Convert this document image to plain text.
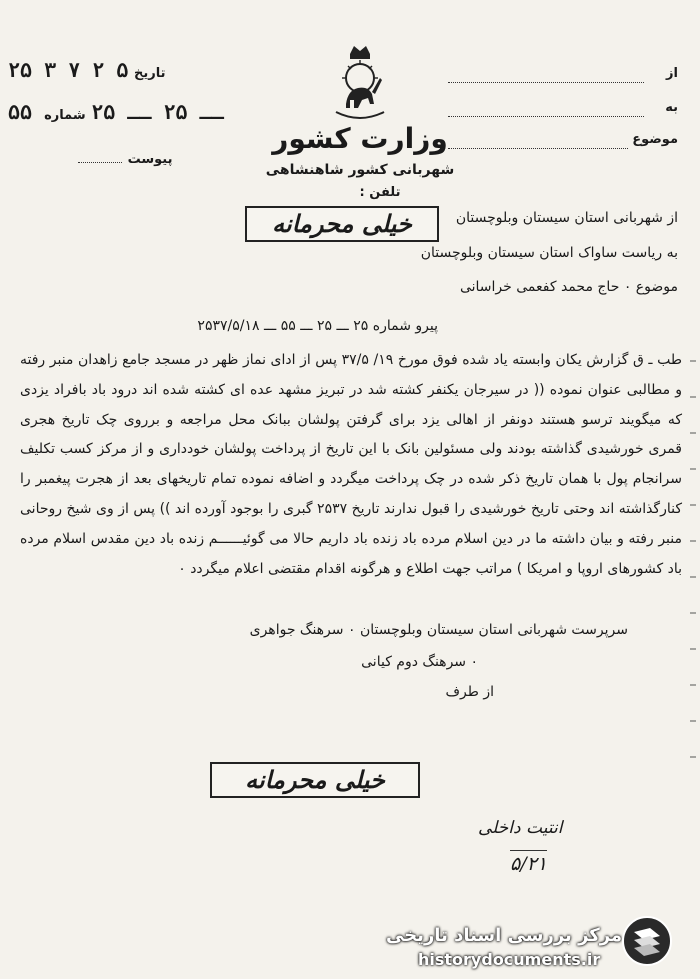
۲۵ ۳ ۷ ۲ ۵ تاریخ
۵۵ ــ ۲۵ ــ ۲۵ شماره
پیوست
وزارت کشور
شهربانی کشور شاهنشاهی
تلفن :
از
به
موضوع
خیلی محرمانه	از شهربانی استان سیستان وبلوچستان
به ریاست ساواک استان سیستان وبلوچستان
موضوع ۰ حاج محمد کفعمی خراسانی
پیرو شماره ۲۵ ـــ ۲۵ ـــ ۵۵ ـــ ۲۵۳۷/۵/۱۸
طب ـ ق گزارش یکان وابسته یاد شده فوق مورخ ۱۹/ ۳۷/۵ پس از ادای نماز ظهر در مسجد جامع زاهدان منبر رفته و مطالبی عنوان نموده (( در سیرجان یکنفر کشته شد در تبریز مشهد عده ای کشته شده اند درود باد بافراد یزدی که میگویند ترسو هستند دونفر از اهالی یزد برای گرفتن پولشان ببانک محل مراجعه و برروی چک تاریخ هجری قمری خورشیدی گذاشته بودند ولی مسئولین بانک با این تاریخ از پرداخت پولشان خودداری و از مرکز کسب تکلیف سرانجام پول با همان تاریخ ذکر شده در چک پرداخت میگردد و اضافه نموده تمام تاریخهای بعد از هجرت پیغمبر را کنارگذاشته اند وحتی تاریخ خورشیدی را قبول ندارند تاریخ ۲۵۳۷ گبری را بوجود آورده اند )) پس از وی شیخ روحانی منبر رفته و بیان داشته ما در دین اسلام مرده باد زنده باد داریم حالا می گوئیــــــم زنده باد دین مقدس اسلام مرده باد کشورهای اروپا و امریکا ) مراتب جهت اطلاع و هرگونه اقدام مقتضی اعلام میگردد ۰
سرپرست شهربانی استان سیستان وبلوچستان ۰ سرهنگ جواهری
۰ سرهنگ دوم کیانی
از طرف
خیلی محرمانه
انتیت داخلی
۵/۲۱
مرکز بررسی اسناد تاریخی
historydocuments.ir
